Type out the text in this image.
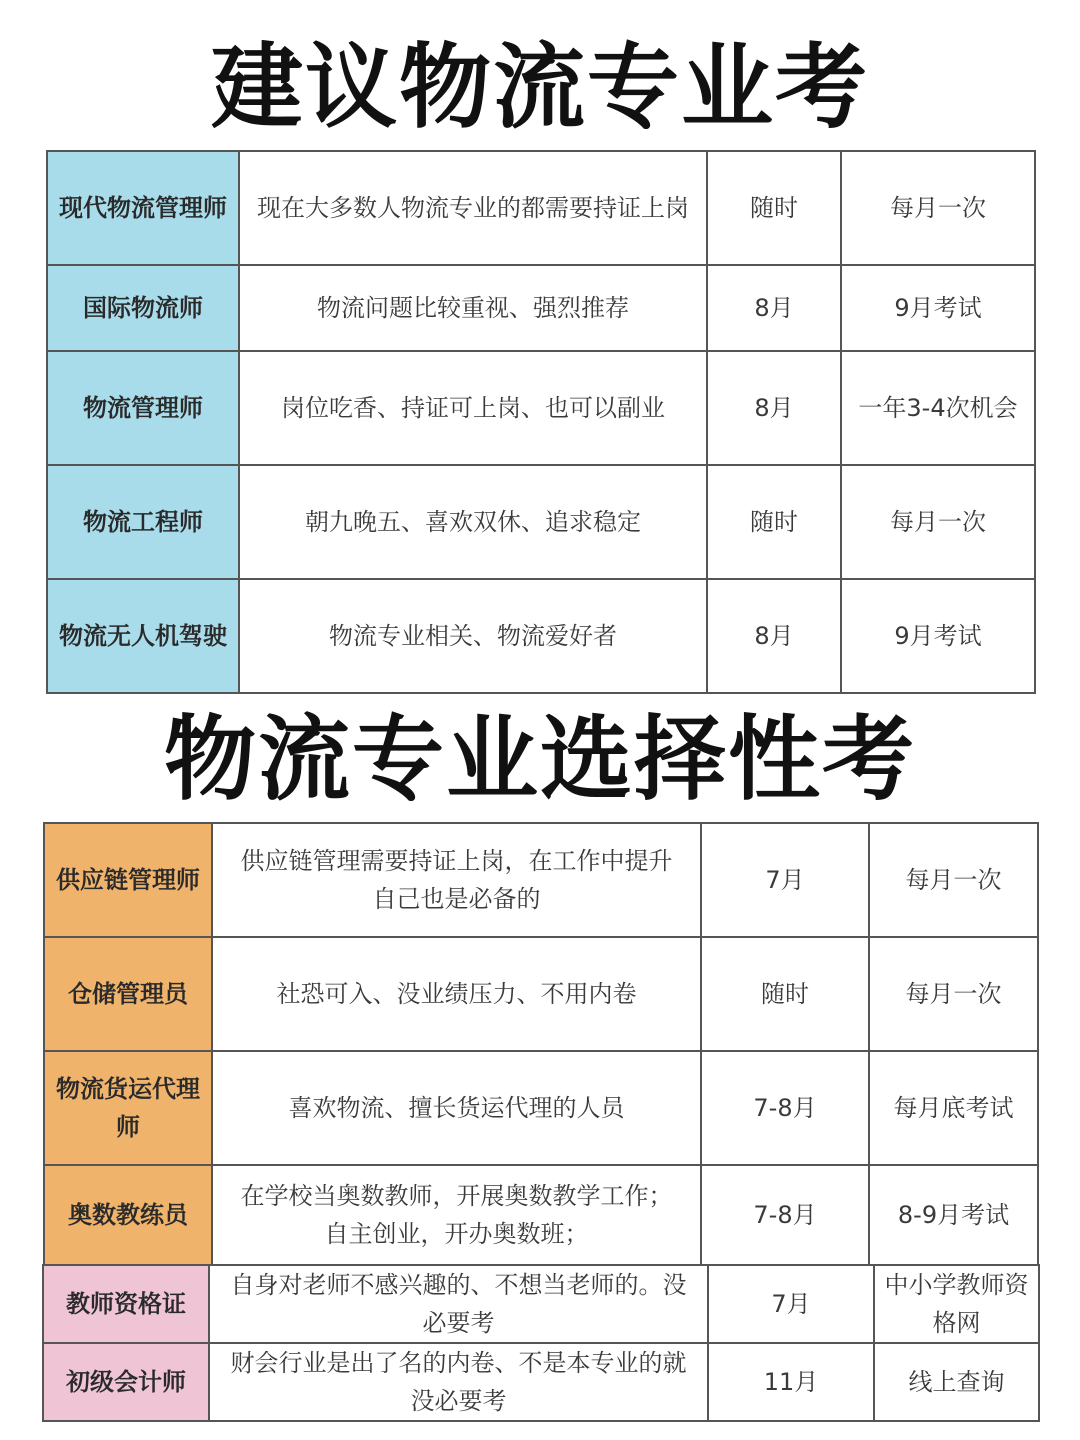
建议物流专业考
现代物流管理师	现在大多数人物流专业的都需要持证上岗	随时	每月一次
国际物流师	物流问题比较重视、强烈推荐	8月	9月考试
物流管理师	岗位吃香、持证可上岗、也可以副业	8月	一年3-4次机会
物流工程师	朝九晚五、喜欢双休、追求稳定	随时	每月一次
物流无人机驾驶	物流专业相关、物流爱好者	8月	9月考试
物流专业选择性考
供应链管理师	供应链管理需要持证上岗，在工作中提升自己也是必备的	7月	每月一次
仓储管理员	社恐可入、没业绩压力、不用内卷	随时	每月一次
物流货运代理师	喜欢物流、擅长货运代理的人员	7-8月	每月底考试
奥数教练员	在学校当奥数教师，开展奥数教学工作；自主创业，开办奥数班；	7-8月	8-9月考试
教师资格证	自身对老师不感兴趣的、不想当老师的。没必要考	7月	中小学教师资格网
初级会计师	财会行业是出了名的内卷、不是本专业的就没必要考	11月	线上查询
